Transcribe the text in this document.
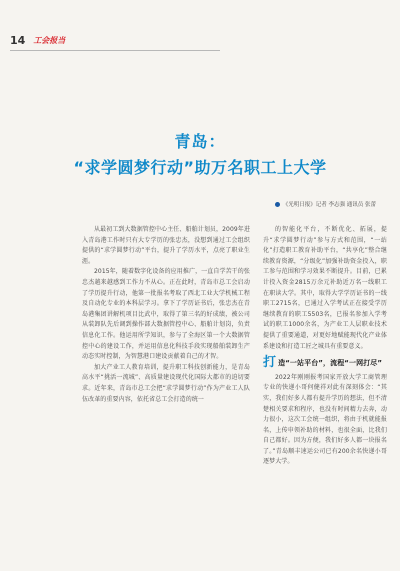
14 工会报当
青岛：
“求学圆梦行动”助万名职工上大学
《光明日报》记者 李志强 通讯员 张蕾

从最初工到大数据管控中心主任、船舶计划员，2009年进入青岛港工作时只有大专学历的张忠杰，没想到通过工会组织提供的“求学圆梦行动”平台，提升了学历水平，点亮了职业生涯。

2015年，随着数字化设备的应用推广，一直自学苦干的张忠杰越来越感到工作力不从心。正在此时，青岛市总工会启动了学历提升行动，他第一批报名考取了西北工业大学机械工程及自动化专业的本科层学习。拿下了学历证书后，张忠杰在青岛港集团讲解机项目比武中，取得了第三名的好成绩，被公司从装卸队先后调到操作部大数据管控中心、船舶计划岗，负责信息化工作。他运用所学知识，参与了全海区第一个大数据管控中心的建设工作，并运用信息化科技手段实现船舶装卸生产动态实时控制，为智慧港口建设贡献着自己的才智。

加大产业工人教育培训，提升职工科技创新能力，是青岛高水平“挑活一流城”、高质量建设现代化国际大都市的迫切要求。近年来，青岛市总工会把“求学圆梦行动”作为产业工人队伍改革的重要内容，依托省总工会打造的统一

的智能化平台，不断优化、拓展，提升“求学圆梦行动”参与方式和范围，“一站化”打造职工教育补助平台，“共享化”整合继续教育资源，“分级化”加强补助资金投入，职工参与范围和学习效果不断提升。目前，已累计投入资金2815万余元补助近万名一线职工在职读大学。其中，取得大学学历证书的一线职工2715名，已通过入学考试正在接受学历继续教育的职工5503名，已报名参加入学考试的职工1000余名，为产业工人层职业技术提供了重要通道，对更好地赋能现代化产业体系建设和打造工匠之城具有重要意义。

打 造“一站平台”，流程“一网打尽”

2022年刚刚报考国家开放大学工商管理专业的快递小哥何健祥对此有深刻体会：“其实，我们好多人都有提升学历的想法，但不清楚相关要求和程序，也没有时间精力去奔，动力很小，这次工会统一组织，将由于机就能报名，上传申领补助的材料，也很全面，比我们自己都好。因为方便，我们好多人都一块报名了。”青岛顺丰速运公司已有200余名快递小哥逐梦大学。
